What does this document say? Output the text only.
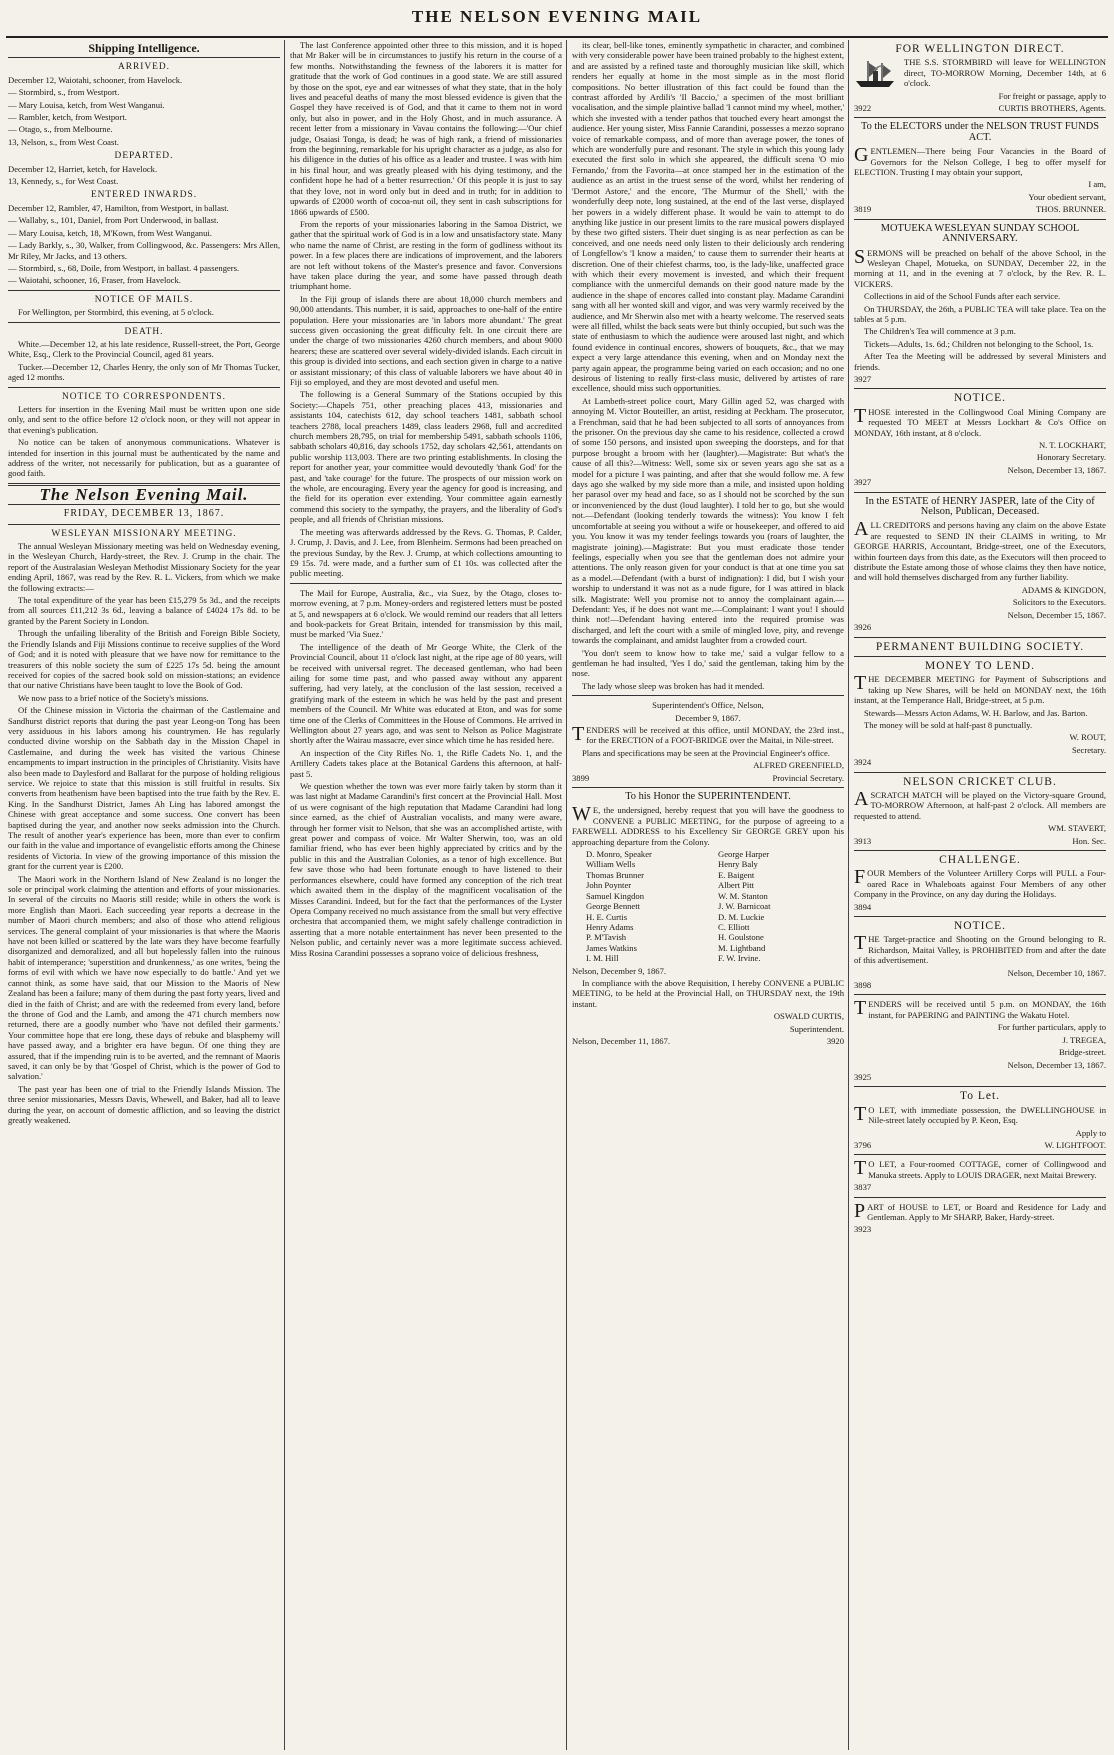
THE NELSON EVENING MAIL
Shipping Intelligence.
ARRIVED.

December 12, Waiotahi, schooner, from Havelock.

— Stormbird, s., from Westport.

— Mary Louisa, ketch, from West Wanganui.

— Rambler, ketch, from Westport.

— Otago, s., from Melbourne.

13, Nelson, s., from West Coast.

DEPARTED.

December 12, Harriet, ketch, for Havelock.

13, Kennedy, s., for West Coast.

ENTERED INWARDS.

December 12, Rambler, 47, Hamilton, from Westport, in ballast.

— Wallaby, s., 101, Daniel, from Port Underwood, in ballast.

— Mary Louisa, ketch, 18, M'Kown, from West Wanganui.

— Lady Barkly, s., 30, Walker, from Collingwood, &c. Passengers: Mrs Allen, Mr Riley, Mr Jacks, and 13 others.

— Stormbird, s., 68, Doile, from Westport, in ballast. 4 passengers.

— Waiotahi, schooner, 16, Fraser, from Havelock.

NOTICE OF MAILS.

For Wellington, per Stormbird, this evening, at 5 o'clock.

DEATH.

White.—December 12, at his late residence, Russell-street, the Port, George White, Esq., Clerk to the Provincial Council, aged 81 years.

Tucker.—December 12, Charles Henry, the only son of Mr Thomas Tucker, aged 12 months.

NOTICE TO CORRESPONDENTS.

Letters for insertion in the Evening Mail must be written upon one side only, and sent to the office before 12 o'clock noon, or they will not appear in that evening's publication.

No notice can be taken of anonymous communications. Whatever is intended for insertion in this journal must be authenticated by the name and address of the writer, not necessarily for publication, but as a guarantee of good faith.

The Nelson Evening Mail.
FRIDAY, DECEMBER 13, 1867.
WESLEYAN MISSIONARY MEETING.

The annual Wesleyan Missionary meeting was held on Wednesday evening, in the Wesleyan Church, Hardy-street, the Rev. J. Crump in the chair. The report of the Australasian Wesleyan Methodist Missionary Society for the year ending April, 1867, was read by the Rev. R. L. Vickers, from which we make the following extracts:—

The total expenditure of the year has been £15,279 5s 3d., and the receipts from all sources £11,212 3s 6d., leaving a balance of £4024 17s 8d. to be granted by the Parent Society in London.

Through the unfailing liberality of the British and Foreign Bible Society, the Friendly Islands and Fiji Missions continue to receive supplies of the Word of God; and it is noted with pleasure that we have now for remittance to the treasurers of this noble society the sum of £225 17s 5d. being the amount received for copies of the sacred book sold on mission-stations; an evidence that our native Christians have been taught to love the Book of God.

We now pass to a brief notice of the Society's missions.

Of the Chinese mission in Victoria the chairman of the Castlemaine and Sandhurst district reports that during the past year Leong-on Tong has been very assiduous in his labors among his countrymen. He has regularly conducted divine worship on the Sabbath day in the Mission Chapel in Castlemaine, and during the week has visited the various Chinese encampments to impart instruction in the principles of Christianity. Visits have also been made to Daylesford and Ballarat for the purpose of holding religious service. We rejoice to state that this mission is still fruitful in results. Six converts from heathenism have been baptised into the true faith by the Rev. E. King. In the Sandhurst District, James Ah Ling has labored amongst the Chinese with great acceptance and some success. One convert has been baptised during the year, and another now seeks admission into the Church. The result of another year's experience has been, more than ever to confirm our faith in the value and importance of evangelistic efforts among the Chinese residents of Victoria. In view of the growing importance of this mission the grant for the current year is £200.

The Maori work in the Northern Island of New Zealand is no longer the sole or principal work claiming the attention and efforts of your missionaries. In several of the circuits no Maoris still reside; while in others the work is more English than Maori. Each succeeding year reports a decrease in the number of Maori church members; and also of those who attend religious services. The general complaint of your missionaries is that where the Maoris have not been killed or scattered by the late wars they have become fearfully disorganized and demoralized, and all but hopelessly fallen into the ruinous habit of intemperance; 'superstition and drunkenness,' as one writes, 'being the forms of evil with which we have now especially to do battle.' And yet we cannot think, as some have said, that our Mission to the Maoris of New Zealand has been a failure; many of them during the past forty years, lived and died in the faith of Christ; and are with the redeemed from every land, before the throne of God and the Lamb, and among the 471 church members now returned, there are a goodly number who 'have not defiled their garments.' Your committee hope that ere long, these days of rebuke and blasphemy will have passed away, and a brighter era have begun. Of one thing they are assured, that if the impending ruin is to be averted, and the remnant of Maoris saved, it can only be by that 'Gospel of Christ, which is the power of God to salvation.'

The past year has been one of trial to the Friendly Islands Mission. The three senior missionaries, Messrs Davis, Whewell, and Baker, had all to leave during the year, on account of domestic affliction, and so leaving the district greatly weakened.

The last Conference appointed other three to this mission, and it is hoped that Mr Baker will be in circumstances to justify his return in the course of a few months. Notwithstanding the fewness of the laborers it is matter for gratitude that the work of God continues in a good state. We are still assured by those on the spot, eye and ear witnesses of what they state, that in the holy lives and peaceful deaths of many the most blessed evidence is given that the Gospel they have received is of God, and that it came to them not in word only, but also in power, and in the Holy Ghost, and in much assurance. A recent letter from a missionary in Vavau contains the following:—'Our chief judge, Osaiasi Tonga, is dead; he was of high rank, a friend of missionaries from the beginning, remarkable for his upright character as a judge, as also for his diligence in the duties of his office as a leader and trustee. I was with him in his final hour, and was greatly pleased with his dying testimony, and the confident hope he had of a better resurrection.' Of this people it is just to say that they love, not in word only but in deed and in truth; for in addition to upwards of £2000 worth of cocoa-nut oil, they sent in cash subscriptions for 1866 upwards of £500.

From the reports of your missionaries laboring in the Samoa District, we gather that the spiritual work of God is in a low and unsatisfactory state. Many who name the name of Christ, are resting in the form of godliness without its power. In a few places there are indications of improvement, and the laborers are not left without tokens of the Master's presence and favor. Conversions have taken place during the year, and some have passed through death triumphant home.

In the Fiji group of islands there are about 18,000 church members and 90,000 attendants. This number, it is said, approaches to one-half of the entire population. Here your missionaries are 'in labors more abundant.' The great success given occasioning the great difficulty felt. In one circuit there are under the charge of two missionaries 4260 church members, and about 9000 hearers; these are scattered over several widely-divided islands. Each circuit in this group is divided into sections, and each section given in charge to a native or assistant missionary; of this class of valuable laborers we have about 40 in Fiji so employed, and they are most devoted and useful men.

The following is a General Summary of the Stations occupied by this Society:—Chapels 751, other preaching places 413, missionaries and assistants 104, catechists 612, day school teachers 1481, sabbath school teachers 2788, local preachers 1489, class leaders 2968, full and accredited church members 28,795, on trial for membership 5491, sabbath schools 1106, sabbath scholars 40,816, day schools 1752, day scholars 42,561, attendants on public worship 113,003. There are two printing establishments. In closing the report for another year, your committee would devoutedly 'thank God' for the past, and 'take courage' for the future. The prospects of our mission work on the whole, are encouraging. Every year the agency for good is increasing, and the field for its operation ever extending. Your committee again earnestly commend this society to the sympathy, the prayers, and the liberality of God's people, and all friends of Christian missions.

The meeting was afterwards addressed by the Revs. G. Thomas, P. Calder, J. Crump, J. Davis, and J. Lee, from Blenheim. Sermons had been preached on the previous Sunday, by the Rev. J. Crump, at which collections amounting to £9 15s. 7d. were made, and a further sum of £1 10s. was collected after the public meeting.

The Mail for Europe, Australia, &c., via Suez, by the Otago, closes to-morrow evening, at 7 p.m. Money-orders and registered letters must be posted at 5, and newspapers at 6 o'clock. We would remind our readers that all letters and book-packets for Great Britain, intended for transmission by this mail, must be marked 'Via Suez.'

The intelligence of the death of Mr George White, the Clerk of the Provincial Council, about 11 o'clock last night, at the ripe age of 80 years, will be received with universal regret. The deceased gentleman, who had been ailing for some time past, and who passed away without any apparent suffering, had very lately, at the conclusion of the last session, received a gratifying mark of the esteem in which he was held by the past and present members of the Council. Mr White was educated at Eton, and was for some time one of the Clerks of Committees in the House of Commons. He arrived in Wellington about 27 years ago, and was sent to Nelson as Police Magistrate shortly after the Wairau massacre, ever since which time he has resided here.

An inspection of the City Rifles No. 1, the Rifle Cadets No. 1, and the Artillery Cadets takes place at the Botanical Gardens this afternoon, at half-past 5.

We question whether the town was ever more fairly taken by storm than it was last night at Madame Carandini's first concert at the Provincial Hall. Most of us were cognisant of the high reputation that Madame Carandini had long since earned, as the chief of Australian vocalists, and many were aware, through her former visit to Nelson, that she was an accomplished artiste, with great power and compass of voice. Mr Walter Sherwin, too, was an old familiar friend, who has ever been highly appreciated by critics and by the public in this and the Australian Colonies, as a tenor of high excellence. But few save those who had been fortunate enough to have listened to their performances elsewhere, could have formed any conception of the rich treat which awaited them in the display of the magnificent vocalisation of the Misses Carandini. Indeed, but for the fact that the performances of the Lyster Opera Company received no much assistance from the small but very effective orchestra that accompanied them, we might safely challenge contradiction in asserting that a more notable entertainment has never been presented to the Nelson public, and certainly never was a more legitimate success achieved. Miss Rosina Carandini possesses a soprano voice of delicious freshness,

its clear, bell-like tones, eminently sympathetic in character, and combined with very considerable power have been trained probably to the highest extent, and are assisted by a refined taste and thoroughly musician like skill, which renders her equally at home in the most simple as in the most florid compositions. No better illustration of this fact could be found than the contrast afforded by Ardili's 'Il Baccio,' a specimen of the most brilliant vocalisation, and the simple plaintive ballad 'I cannot mind my wheel, mother,' which she invested with a tender pathos that touched every heart amongst the audience. Her young sister, Miss Fannie Carandini, possesses a mezzo soprano voice of remarkable compass, and of more than average power, the tones of which are wonderfully pure and resonant. The style in which this young lady executed the first solo in which she appeared, the difficult scena 'O mio Fernando,' from the Favorita—at once stamped her in the estimation of the audience as an artist in the truest sense of the word, whilst her rendering of 'Dermot Astore,' and the encore, 'The Murmur of the Shell,' with the wonderfully deep note, long sustained, at the end of the last verse, displayed her powers in a widely different phase. It would be vain to attempt to do anything like justice in our present limits to the rare musical powers displayed by these two gifted sisters. Their duet singing is as near perfection as can be conceived, and one needs need only listen to their deliciously arch rendering of Longfellow's 'I know a maiden,' to cause them to surrender their hearts at discretion. One of their chiefest charms, too, is the lady-like, unaffected grace with which their every movement is invested, and which their frequent compliance with the unmerciful demands on their good nature made by the audience in the shape of encores called into constant play. Madame Carandini sang with all her wonted skill and vigor, and was very warmly received by the audience, and Mr Sherwin also met with a hearty welcome. The reserved seats were all filled, whilst the back seats were but thinly occupied, but such was the state of enthusiasm to which the audience were aroused last night, and which found evidence in continual encores, showers of bouquets, &c., that we may expect a very large attendance this evening, when and on Monday next the party again appear, the programme being varied on each occasion; and no one desirous of listening to really first-class music, delivered by artistes of rare excellence, should miss such opportunities.

At Lambeth-street police court, Mary Gillin aged 52, was charged with annoying M. Victor Bouteiller, an artist, residing at Peckham. The prosecutor, a Frenchman, said that he had been subjected to all sorts of annoyances from the prisoner. On the previous day she came to his residence, collected a crowd of some 150 persons, and insisted upon sweeping the doorsteps, and for that purpose brought a broom with her (laughter).—Magistrate: But what's the cause of all this?—Witness: Well, some six or seven years ago she sat as a model for a picture I was painting, and after that she would follow me. A few days ago she walked by my side more than a mile, and insisted upon holding her parasol over my head and face, so as I should not be scorched by the sun or inconvenienced by the dust (loud laughter). I told her to go, but she would not.—Defendant (looking tenderly towards the witness): You know I felt uncomfortable at seeing you without a wife or housekeeper, and offered to aid you. You know it was my tender feelings towards you (roars of laughter, the magistrate joining).—Magistrate: But you must eradicate those tender feelings, especially when you see that the gentleman does not admire your attentions. The only reason given for your conduct is that at one time you sat as a model.—Defendant (with a burst of indignation): I did, but I wish your worship to understand it was not as a nude figure, for I was attired in black silk. Magistrate: Well you promise not to annoy the complainant again.—Defendant: Yes, if he does not want me.—Complainant: I want you! I should think not!—Defendant having entered into the required promise was discharged, and left the court with a smile of mingled love, pity, and revenge towards the complainant, and amidst laughter from a crowded court.

'You don't seem to know how to take me,' said a vulgar fellow to a gentleman he had insulted, 'Yes I do,' said the gentleman, taking him by the nose.

The lady whose sleep was broken has had it mended.

Superintendent's Office, Nelson,

December 9, 1867.

TENDERS will be received at this office, until MONDAY, the 23rd inst., for the ERECTION of a FOOT-BRIDGE over the Maitai, in Nile-street.

Plans and specifications may be seen at the Provincial Engineer's office.

ALFRED GREENFIELD,

3899	Provincial Secretary.
To his Honor the SUPERINTENDENT.

WE, the undersigned, hereby request that you will have the goodness to CONVENE a PUBLIC MEETING, for the purpose of agreeing to a FAREWELL ADDRESS to his Excellency Sir GEORGE GREY upon his approaching departure from the Colony.

D. Monro, Speaker
William Wells
Thomas Brunner
John Poynter
Samuel Kingdon
George Bennett
H. E. Curtis
Henry Adams
P. M'Tavish
James Watkins
I. M. Hill
George Harper
Henry Baly
E. Baigent
Albert Pitt
W. M. Stanton
J. W. Barnicoat
D. M. Luckie
C. Elliott
H. Goulstone
M. Lightband
F. W. Irvine.

Nelson, December 9, 1867.

In compliance with the above Requisition, I hereby CONVENE a PUBLIC MEETING, to be held at the Provincial Hall, on THURSDAY next, the 19th instant.

OSWALD CURTIS,

Superintendent.

Nelson, December 11, 1867.	3920
FOR WELLINGTON DIRECT.

THE S.S. STORMBIRD will leave for WELLINGTON direct, TO-MORROW Morning, December 14th, at 6 o'clock.

For freight or passage, apply to

3922	CURTIS BROTHERS, Agents.
To the ELECTORS under the NELSON TRUST FUNDS ACT.

GENTLEMEN—There being Four Vacancies in the Board of Governors for the Nelson College, I beg to offer myself for ELECTION. Trusting I may obtain your support,

I am,

Your obedient servant,

3819	THOS. BRUNNER.
MOTUEKA WESLEYAN SUNDAY SCHOOL ANNIVERSARY.

SERMONS will be preached on behalf of the above School, in the Wesleyan Chapel, Motueka, on SUNDAY, December 22, in the morning at 11, and in the evening at 7 o'clock, by the Rev. R. L. VICKERS.

Collections in aid of the School Funds after each service.

On THURSDAY, the 26th, a PUBLIC TEA will take place. Tea on the tables at 5 p.m.

The Children's Tea will commence at 3 p.m.

Tickets—Adults, 1s. 6d.; Children not belonging to the School, 1s.

After Tea the Meeting will be addressed by several Ministers and friends.

3927
NOTICE.

THOSE interested in the Collingwood Coal Mining Company are requested TO MEET at Messrs Lockhart & Co's Office on MONDAY, 16th instant, at 8 o'clock.

N. T. LOCKHART,

Honorary Secretary.

Nelson, December 13, 1867.

3927
In the ESTATE of HENRY JASPER, late of the City of Nelson, Publican, Deceased.

ALL CREDITORS and persons having any claim on the above Estate are requested to SEND IN their CLAIMS in writing, to Mr GEORGE HARRIS, Accountant, Bridge-street, one of the Executors, within fourteen days from this date, as the Executors will then proceed to distribute the Estate among those of whose claims they then have notice, and will hold themselves discharged from any further liability.

ADAMS & KINGDON,

Solicitors to the Executors.

Nelson, December 15, 1867.

3926
PERMANENT BUILDING SOCIETY.
MONEY TO LEND.

THE DECEMBER MEETING for Payment of Subscriptions and taking up New Shares, will be held on MONDAY next, the 16th instant, at the Temperance Hall, Bridge-street, at 5 p.m.

Stewards—Messrs Acton Adams, W. H. Barlow, and Jas. Barton.

The money will be sold at half-past 8 punctually.

W. ROUT,

Secretary.

3924
NELSON CRICKET CLUB.

ASCRATCH MATCH will be played on the Victory-square Ground, TO-MORROW Afternoon, at half-past 2 o'clock. All members are requested to attend.

WM. STAVERT,

3913	Hon. Sec.
CHALLENGE.

FOUR Members of the Volunteer Artillery Corps will PULL a Four-oared Race in Whaleboats against Four Members of any other Company in the Province, on any day during the Holidays.

3894
NOTICE.

THE Target-practice and Shooting on the Ground belonging to R. Richardson, Maitai Valley, is PROHIBITED from and after the date of this advertisement.

Nelson, December 10, 1867.

3898

TENDERS will be received until 5 p.m. on MONDAY, the 16th instant, for PAPERING and PAINTING the Wakatu Hotel.

For further particulars, apply to

J. TREGEA,

Bridge-street.

Nelson, December 13, 1867.

3925
To Let.

TO LET, with immediate possession, the DWELLINGHOUSE in Nile-street lately occupied by P. Keon, Esq.

Apply to

3796	W. LIGHTFOOT.

TO LET, a Four-roomed COTTAGE, corner of Collingwood and Manuka streets. Apply to LOUIS DRAGER, next Maitai Brewery.

3837

PART of HOUSE to LET, or Board and Residence for Lady and Gentleman. Apply to Mr SHARP, Baker, Hardy-street.

3923
